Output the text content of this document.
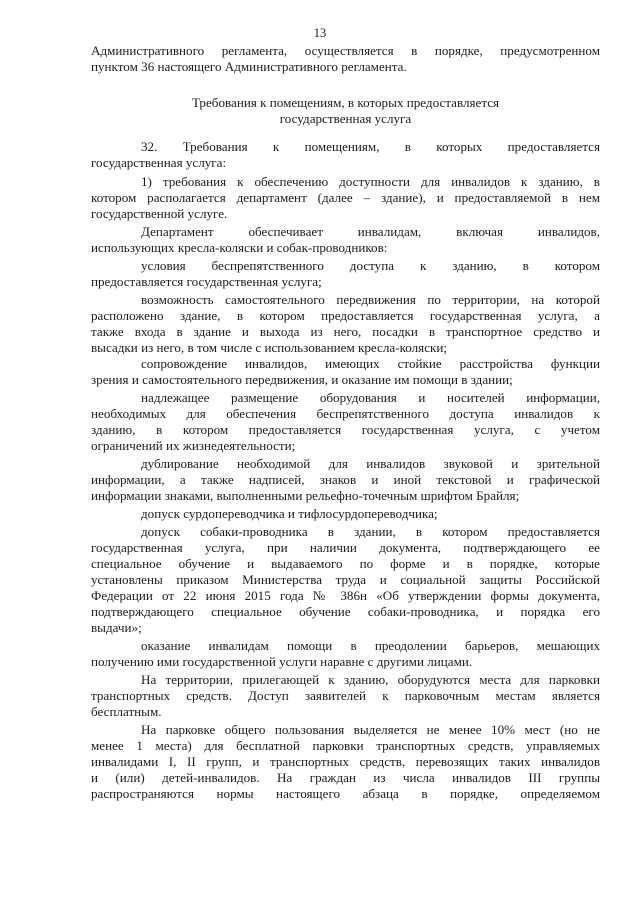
13
Административного регламента, осуществляется в порядке, предусмотренном
пунктом 36 настоящего Административного регламента.
Требования к помещениям, в которых предоставляется
государственная услуга
32. Требования к помещениям, в которых предоставляется
государственная услуга:
1) требования к обеспечению доступности для инвалидов к зданию, в
котором располагается департамент (далее – здание), и предоставляемой в нем
государственной услуге.
Департамент обеспечивает инвалидам, включая инвалидов,
использующих кресла-коляски и собак-проводников:
условия беспрепятственного доступа к зданию, в котором
предоставляется государственная услуга;
возможность самостоятельного передвижения по территории, на которой
расположено здание, в котором предоставляется государственная услуга, а
также входа в здание и выхода из него, посадки в транспортное средство и
высадки из него, в том числе с использованием кресла-коляски;
сопровождение инвалидов, имеющих стойкие расстройства функции
зрения и самостоятельного передвижения, и оказание им помощи в здании;
надлежащее размещение оборудования и носителей информации,
необходимых для обеспечения беспрепятственного доступа инвалидов к
зданию, в котором предоставляется государственная услуга, с учетом
ограничений их жизнедеятельности;
дублирование необходимой для инвалидов звуковой и зрительной
информации, а также надписей, знаков и иной текстовой и графической
информации знаками, выполненными рельефно-точечным шрифтом Брайля;
допуск сурдопереводчика и тифлосурдопереводчика;
допуск собаки-проводника в здании, в котором предоставляется
государственная услуга, при наличии документа, подтверждающего ее
специальное обучение и выдаваемого по форме и в порядке, которые
установлены приказом Министерства труда и социальной защиты Российской
Федерации от 22 июня 2015 года № 386н «Об утверждении формы документа,
подтверждающего специальное обучение собаки-проводника, и порядка его
выдачи»;
оказание инвалидам помощи в преодолении барьеров, мешающих
получению ими государственной услуги наравне с другими лицами.
На территории, прилегающей к зданию, оборудуются места для парковки
транспортных средств. Доступ заявителей к парковочным местам является
бесплатным.
На парковке общего пользования выделяется не менее 10% мест (но не
менее 1 места) для бесплатной парковки транспортных средств, управляемых
инвалидами I, II групп, и транспортных средств, перевозящих таких инвалидов
и (или) детей-инвалидов. На граждан из числа инвалидов III группы
распространяются нормы настоящего абзаца в порядке, определяемом
